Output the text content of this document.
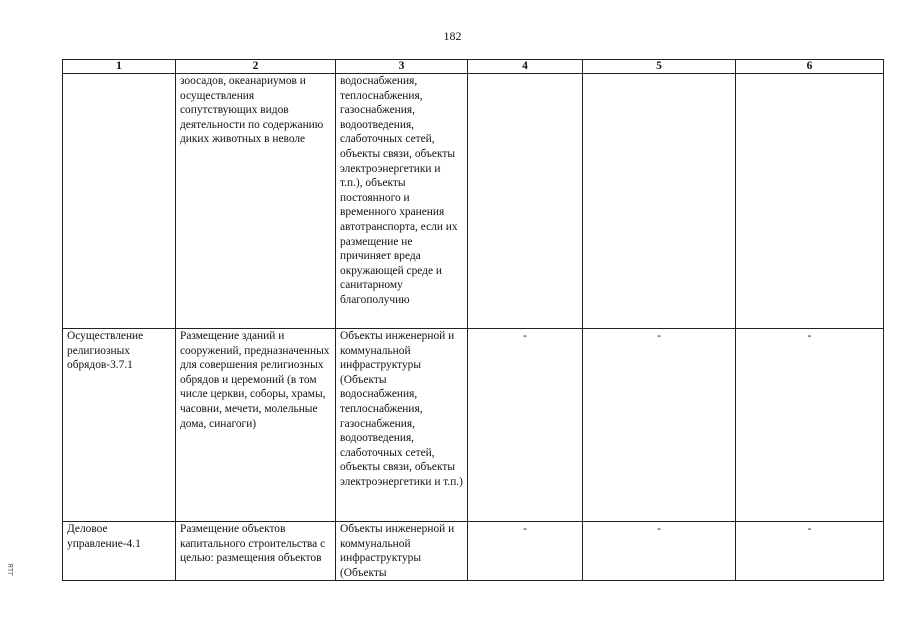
182
1	2	3	4	5	6
	зоосадов, океанариумов и осуществления сопутствующих видов деятельности по содержанию диких животных в неволе	водоснабжения, теплоснабжения, газоснабжения, водоотведения, слаботочных сетей, объекты связи, объекты электроэнергетики и т.п.), объекты постоянного и временного хранения автотранспорта, если их размещение не причиняет вреда окружающей среде и санитарному благополучию			
Осуществление религиозных обрядов-3.7.1	Размещение зданий и сооружений, предназначенных для совершения религиозных обрядов и церемоний (в том числе церкви, соборы, храмы, часовни, мечети, молельные дома, синагоги)	Объекты инженерной и коммунальной инфраструктуры (Объекты водоснабжения, теплоснабжения, газоснабжения, водоотведения, слаботочных сетей, объекты связи, объекты электроэнергетики и т.п.)	-	-	-
Деловое управление-4.1	Размещение объектов капитального строительства с целью: размещения объектов	Объекты инженерной и коммунальной инфраструктуры (Объекты	-	-	-
ЯТГ
